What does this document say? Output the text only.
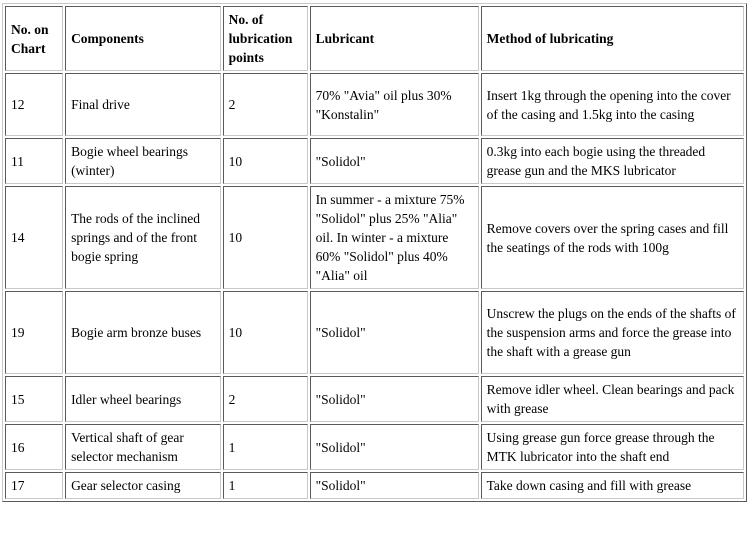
No. on Chart	Components	No. of lubrication points	Lubricant	Method of lubricating
12	Final drive	2	70% "Avia" oil plus 30% "Konstalin"	Insert 1kg through the opening into the cover of the casing and 1.5kg into the casing
11	Bogie wheel bearings (winter)	10	"Solidol"	0.3kg into each bogie using the threaded grease gun and the MKS lubricator
14	The rods of the inclined springs and of the front bogie spring	10	In summer - a mixture 75% "Solidol" plus 25% "Alia" oil. In winter - a mixture 60% "Solidol" plus 40% "Alia" oil	Remove covers over the spring cases and fill the seatings of the rods with 100g
19	Bogie arm bronze buses	10	"Solidol"	Unscrew the plugs on the ends of the shafts of the suspension arms and force the grease into the shaft with a grease gun
15	Idler wheel bearings	2	"Solidol"	Remove idler wheel. Clean bearings and pack with grease
16	Vertical shaft of gear selector mechanism	1	"Solidol"	Using grease gun force grease through the MTK lubricator into the shaft end
17	Gear selector casing	1	"Solidol"	Take down casing and fill with grease
